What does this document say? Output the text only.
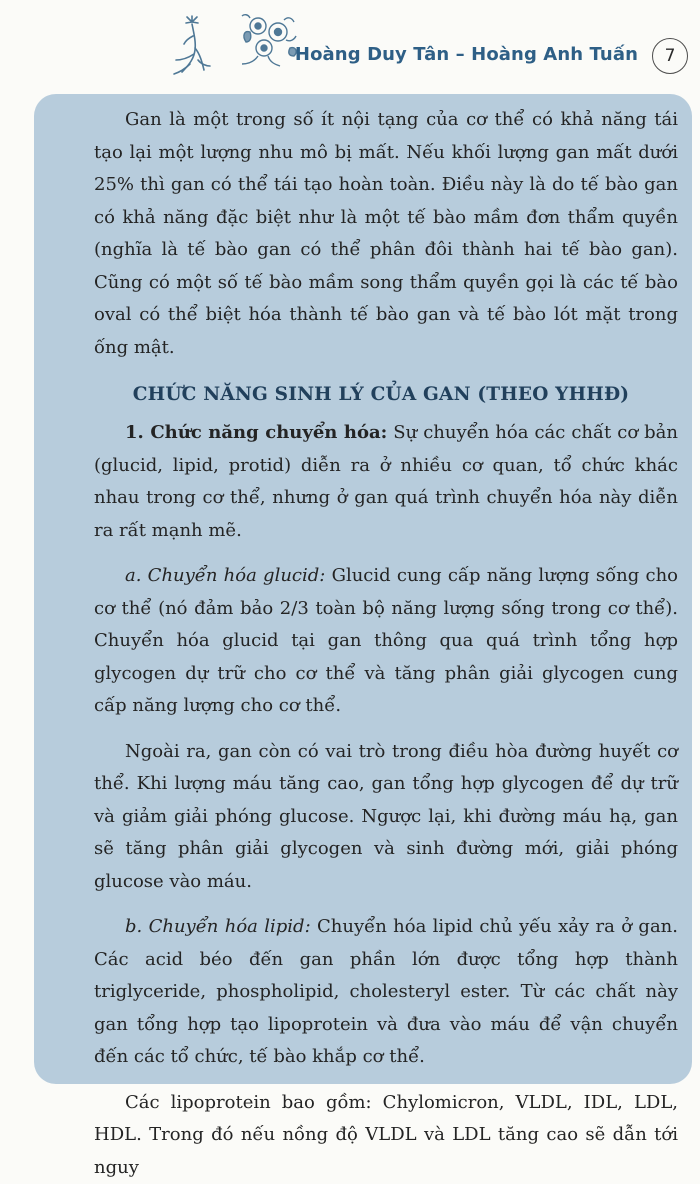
Hoàng Duy Tân – Hoàng Anh Tuấn	7

Gan là một trong số ít nội tạng của cơ thể có khả năng tái tạo lại một lượng nhu mô bị mất. Nếu khối lượng gan mất dưới 25% thì gan có thể tái tạo hoàn toàn. Điều này là do tế bào gan có khả năng đặc biệt như là một tế bào mầm đơn thẩm quyền (nghĩa là tế bào gan có thể phân đôi thành hai tế bào gan). Cũng có một số tế bào mầm song thẩm quyền gọi là các tế bào oval có thể biệt hóa thành tế bào gan và tế bào lót mặt trong ống mật.

CHỨC NĂNG SINH LÝ CỦA GAN (THEO YHHĐ)

1. Chức năng chuyển hóa: Sự chuyển hóa các chất cơ bản (glucid, lipid, protid) diễn ra ở nhiều cơ quan, tổ chức khác nhau trong cơ thể, nhưng ở gan quá trình chuyển hóa này diễn ra rất mạnh mẽ.

a. Chuyển hóa glucid: Glucid cung cấp năng lượng sống cho cơ thể (nó đảm bảo 2/3 toàn bộ năng lượng sống trong cơ thể). Chuyển hóa glucid tại gan thông qua quá trình tổng hợp glycogen dự trữ cho cơ thể và tăng phân giải glycogen cung cấp năng lượng cho cơ thể.

Ngoài ra, gan còn có vai trò trong điều hòa đường huyết cơ thể. Khi lượng máu tăng cao, gan tổng hợp glycogen để dự trữ và giảm giải phóng glucose. Ngược lại, khi đường máu hạ, gan sẽ tăng phân giải glycogen và sinh đường mới, giải phóng glucose vào máu.

b. Chuyển hóa lipid: Chuyển hóa lipid chủ yếu xảy ra ở gan. Các acid béo đến gan phần lớn được tổng hợp thành triglyceride, phospholipid, cholesteryl ester. Từ các chất này gan tổng hợp tạo lipoprotein và đưa vào máu để vận chuyển đến các tổ chức, tế bào khắp cơ thể.

Các lipoprotein bao gồm: Chylomicron, VLDL, IDL, LDL, HDL. Trong đó nếu nồng độ VLDL và LDL tăng cao sẽ dẫn tới nguy
